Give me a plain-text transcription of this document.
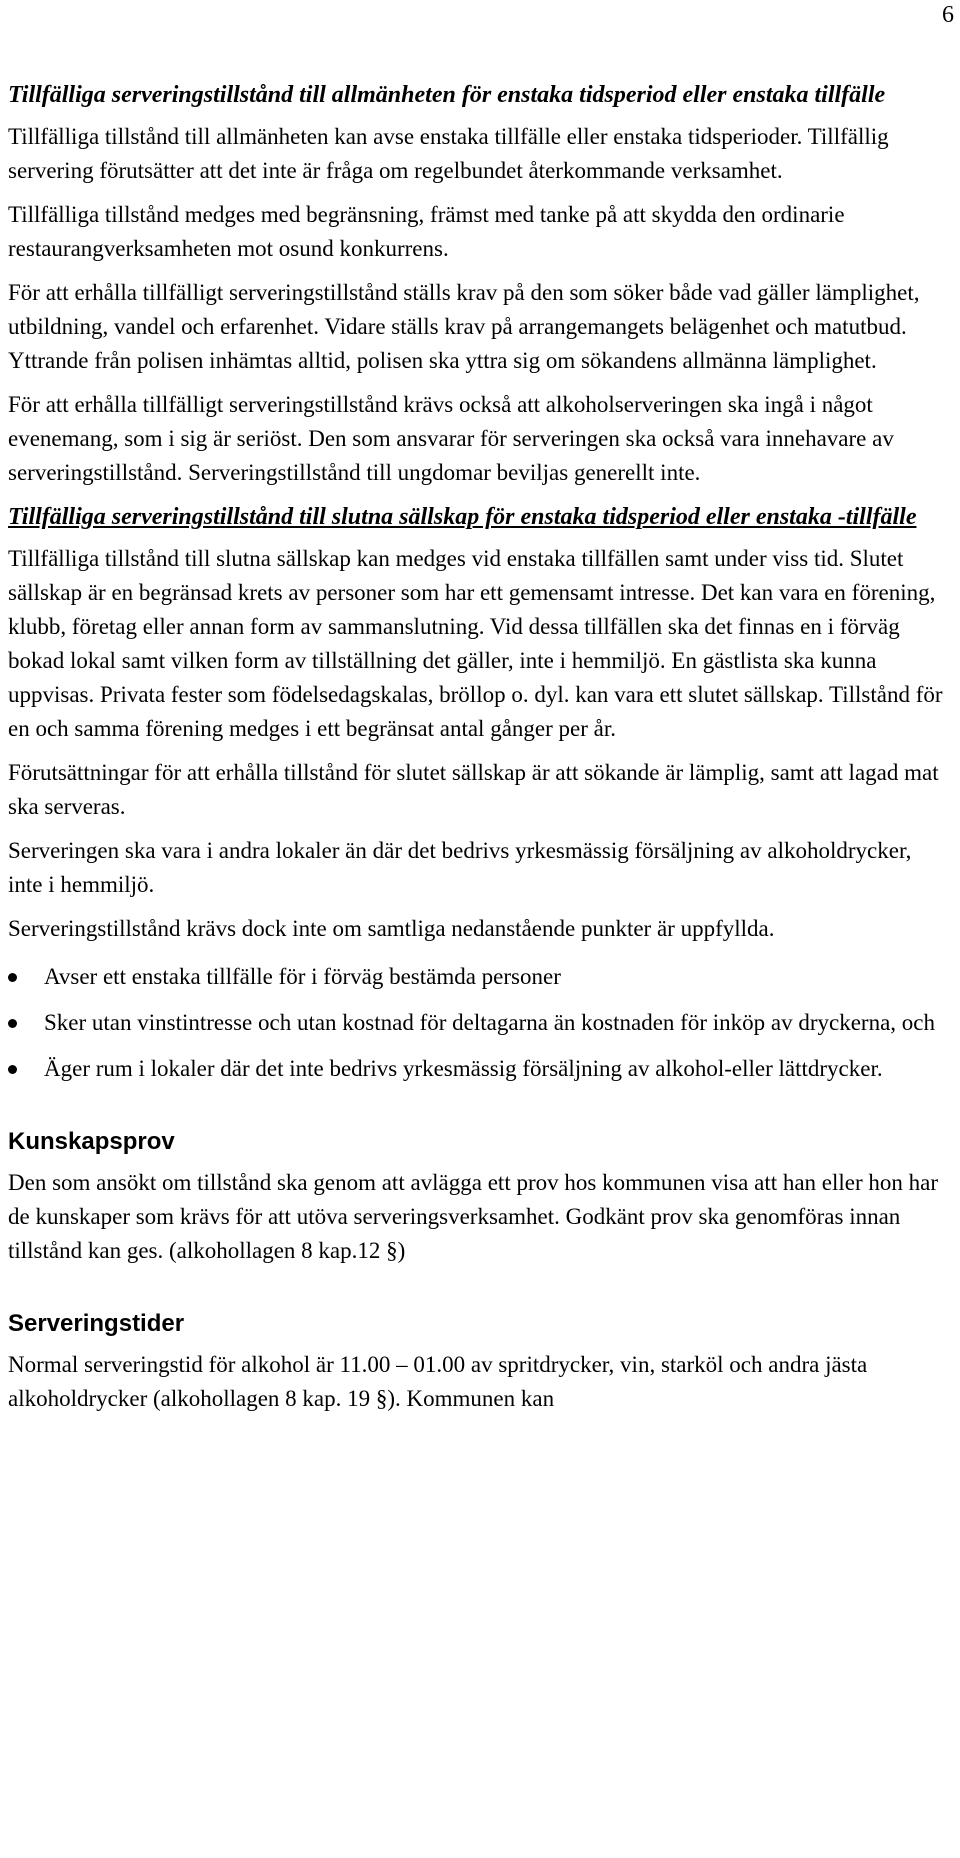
6
Tillfälliga serveringstillstånd till allmänheten för enstaka tidsperiod eller enstaka tillfälle

Tillfälliga tillstånd till allmänheten kan avse enstaka tillfälle eller enstaka tidsperioder. Tillfällig servering förutsätter att det inte är fråga om regelbundet återkommande verksamhet.

Tillfälliga tillstånd medges med begränsning, främst med tanke på att skydda den ordinarie restaurangverksamheten mot osund konkurrens.

För att erhålla tillfälligt serveringstillstånd ställs krav på den som söker både vad gäller lämplighet, utbildning, vandel och erfarenhet. Vidare ställs krav på arrangemangets belägenhet och matutbud. Yttrande från polisen inhämtas alltid, polisen ska yttra sig om sökandens allmänna lämplighet.

För att erhålla tillfälligt serveringstillstånd krävs också att alkoholserveringen ska ingå i något evenemang, som i sig är seriöst. Den som ansvarar för serveringen ska också vara innehavare av serveringstillstånd. Serveringstillstånd till ungdomar beviljas generellt inte.

Tillfälliga serveringstillstånd till slutna sällskap för enstaka tidsperiod eller enstaka -tillfälle

Tillfälliga tillstånd till slutna sällskap kan medges vid enstaka tillfällen samt under viss tid. Slutet sällskap är en begränsad krets av personer som har ett gemensamt intresse. Det kan vara en förening, klubb, företag eller annan form av sammanslutning. Vid dessa tillfällen ska det finnas en i förväg bokad lokal samt vilken form av tillställning det gäller, inte i hemmiljö. En gästlista ska kunna uppvisas. Privata fester som födelsedagskalas, bröllop o. dyl. kan vara ett slutet sällskap. Tillstånd för en och samma förening medges i ett begränsat antal gånger per år.

Förutsättningar för att erhålla tillstånd för slutet sällskap är att sökande är lämplig, samt att lagad mat ska serveras.

Serveringen ska vara i andra lokaler än där det bedrivs yrkesmässig försäljning av alkoholdrycker, inte i hemmiljö.

Serveringstillstånd krävs dock inte om samtliga nedanstående punkter är uppfyllda.

Avser ett enstaka tillfälle för i förväg bestämda personer
Sker utan vinstintresse och utan kostnad för deltagarna än kostnaden för inköp av dryckerna, och
Äger rum i lokaler där det inte bedrivs yrkesmässig försäljning av alkohol-eller lättdrycker.
Kunskapsprov

Den som ansökt om tillstånd ska genom att avlägga ett prov hos kommunen visa att han eller hon har de kunskaper som krävs för att utöva serveringsverksamhet. Godkänt prov ska genomföras innan tillstånd kan ges. (alkohollagen 8 kap.12 §)

Serveringstider

Normal serveringstid för alkohol är 11.00 – 01.00 av spritdrycker, vin, starköl och andra jästa alkoholdrycker (alkohollagen 8 kap. 19 §). Kommunen kan
